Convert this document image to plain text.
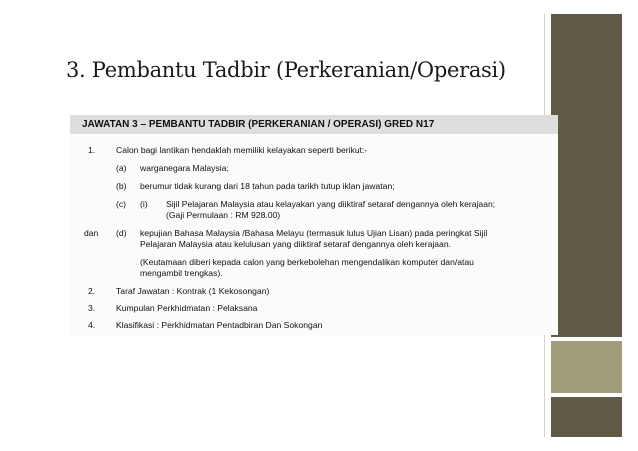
3. Pembantu Tadbir (Perkeranian/Operasi)
JAWATAN 3 – PEMBANTU TADBIR (PERKERANIAN / OPERASI) GRED N17
1. Calon bagi lantikan hendaklah memiliki kelayakan seperti berikut:-
(a) warganegara Malaysia;
(b) berumur tidak kurang dari 18 tahun pada tarikh tutup iklan jawatan;
(c) (i) Sijil Pelajaran Malaysia atau kelayakan yang diiktiraf setaraf dengannya oleh kerajaan;
(Gaji Permulaan : RM 928.00)
dan (d) kepujian Bahasa Malaysia /Bahasa Melayu (termasuk lulus Ujian Lisan) pada peringkat Sijil
Pelajaran Malaysia atau kelulusan yang diiktiraf setaraf dengannya oleh kerajaan.
(Keutamaan diberi kepada calon yang berkebolehan mengendalikan komputer dan/atau
mengambil trengkas).
2. Taraf Jawatan : Kontrak (1 Kekosongan)
3. Kumpulan Perkhidmatan : Pelaksana
4. Klasifikasi : Perkhidmatan Pentadbiran Dan Sokongan
